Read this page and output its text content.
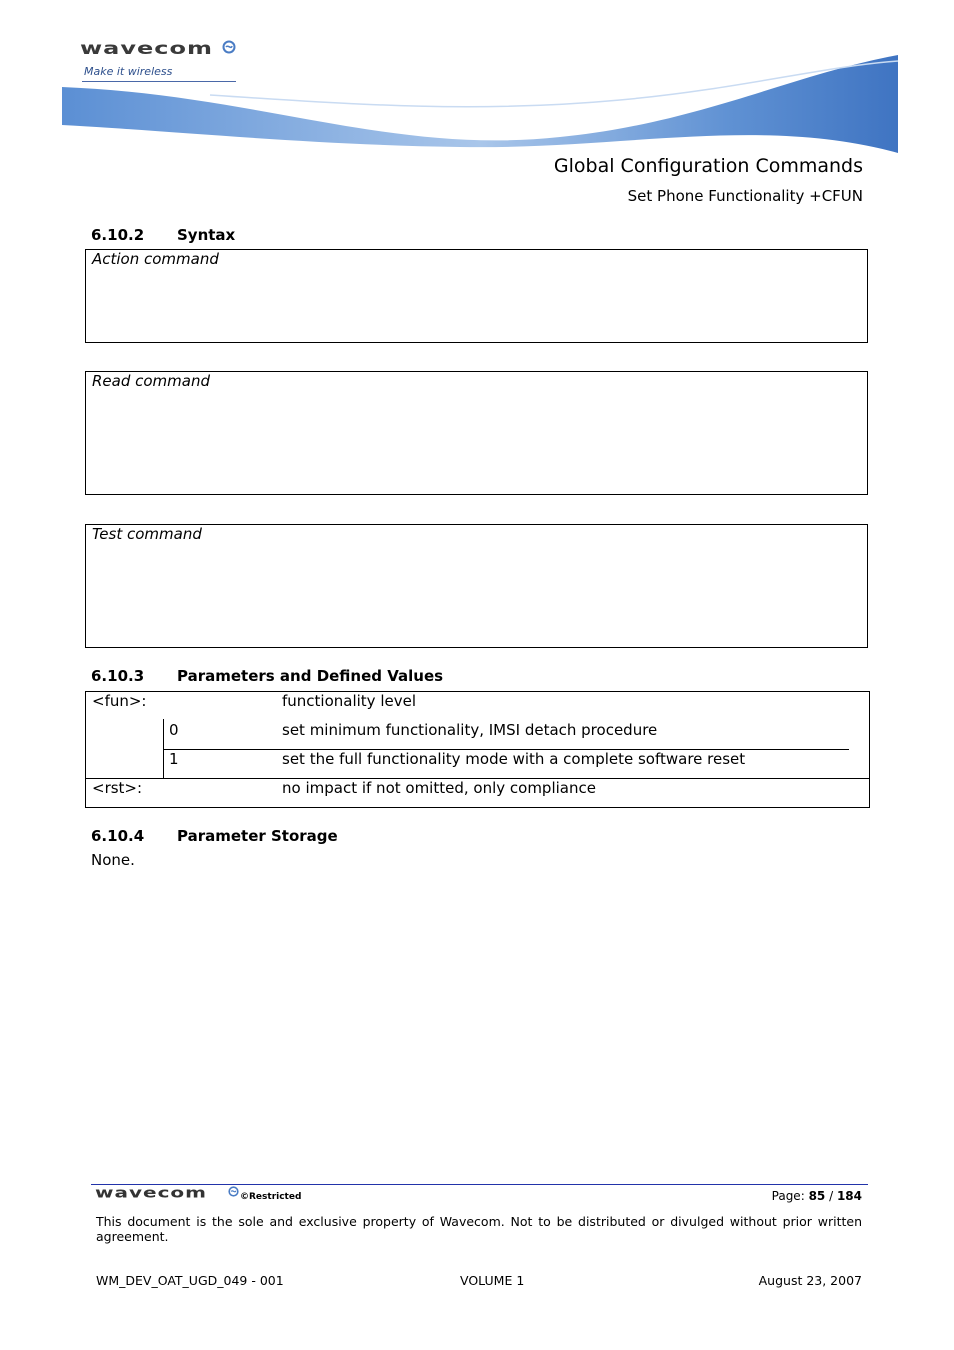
wavecom
Make it wireless
Global Configuration Commands
Set Phone Functionality +CFUN
6.10.2 Syntax
Action command
Read command
Test command
6.10.3 Parameters and Defined Values
<fun>:	functionality level
0	set minimum functionality, IMSI detach procedure
1	set the full functionality mode with a complete software reset
<rst>:	no impact if not omitted, only compliance
6.10.4 Parameter Storage
None.
wavecom	©Restricted	Page: 85 / 184
This document is the sole and exclusive property of Wavecom. Not to be distributed or divulged without prior written agreement.
WM_DEV_OAT_UGD_049 - 001	VOLUME 1	August 23, 2007
